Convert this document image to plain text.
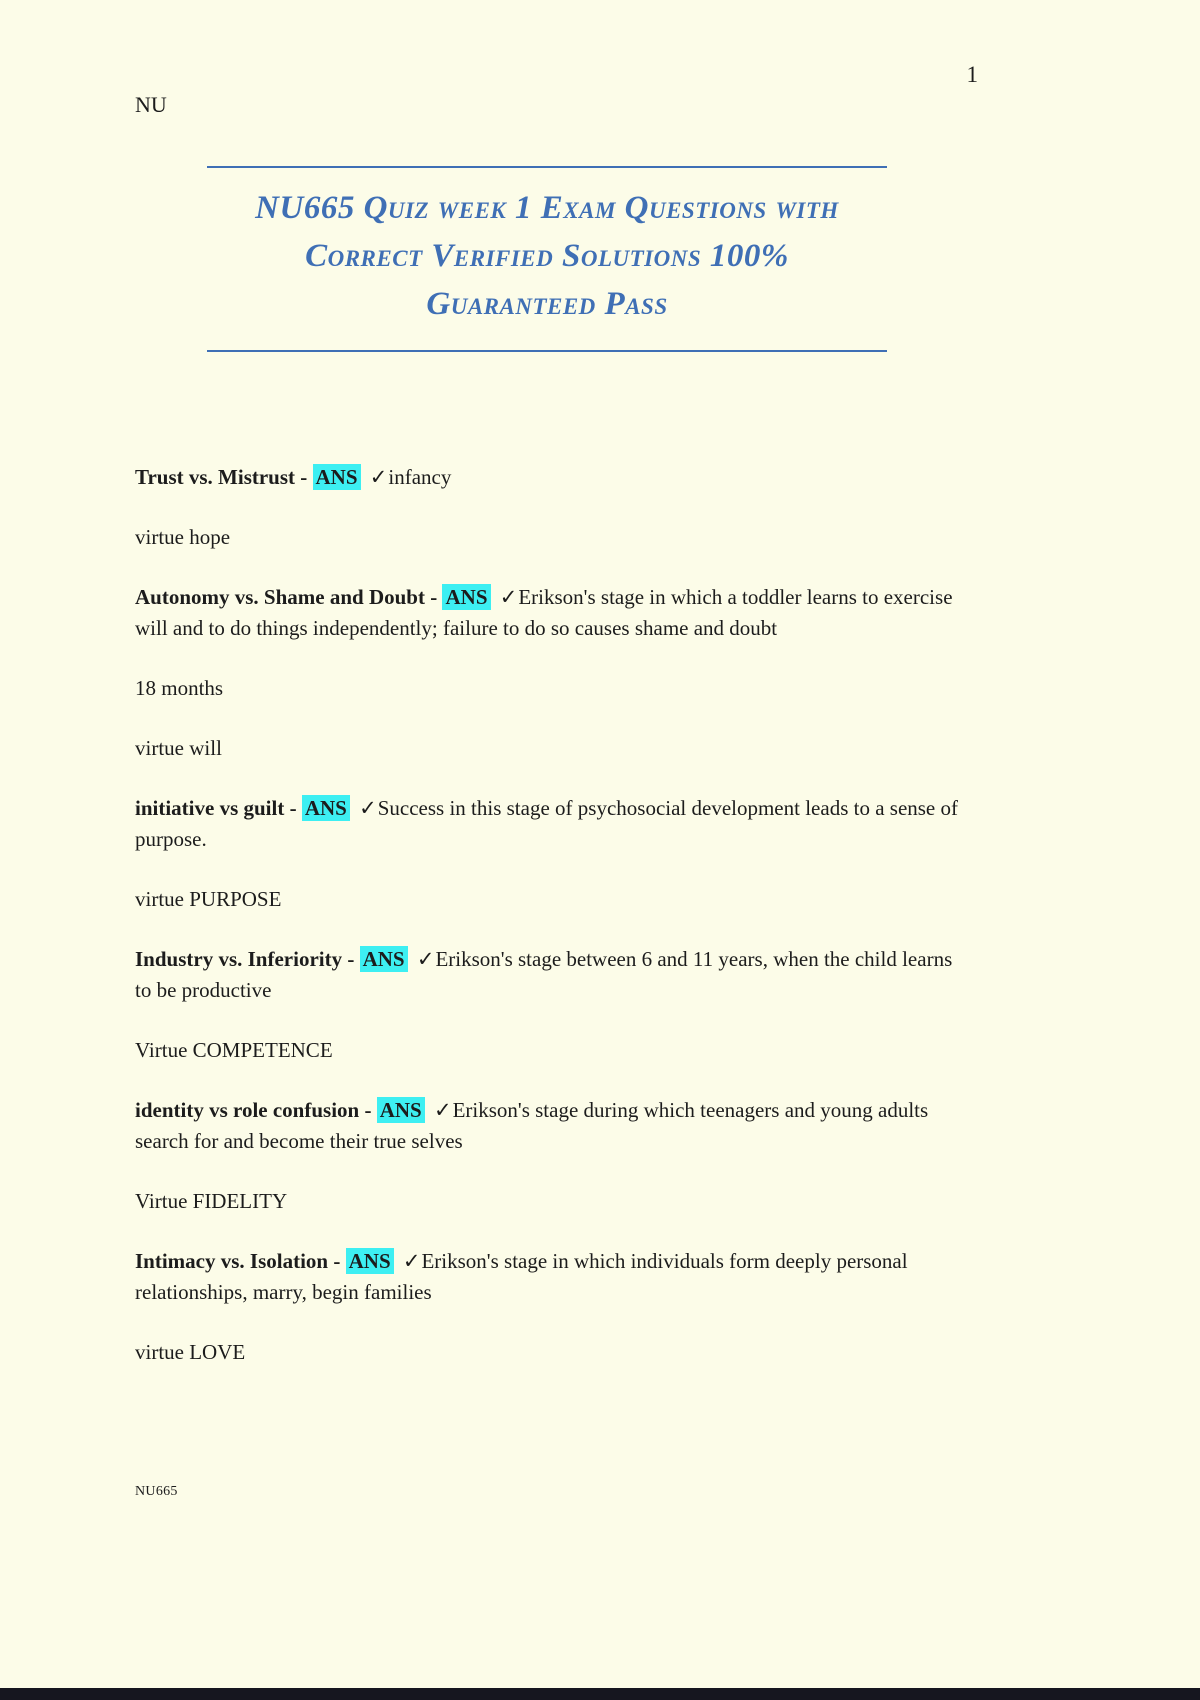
1
NU
NU665 Quiz week 1 Exam Questions with
Correct Verified Solutions 100%
Guaranteed Pass

Trust vs. Mistrust - ANS ✓infancy

virtue hope

Autonomy vs. Shame and Doubt - ANS ✓Erikson's stage in which a toddler learns to exercise will and to do things independently; failure to do so causes shame and doubt

18 months

virtue will

initiative vs guilt - ANS ✓Success in this stage of psychosocial development leads to a sense of purpose.

virtue PURPOSE

Industry vs. Inferiority - ANS ✓Erikson's stage between 6 and 11 years, when the child learns to be productive

Virtue COMPETENCE

identity vs role confusion - ANS ✓Erikson's stage during which teenagers and young adults search for and become their true selves

Virtue FIDELITY

Intimacy vs. Isolation - ANS ✓Erikson's stage in which individuals form deeply personal relationships, marry, begin families

virtue LOVE

NU665
